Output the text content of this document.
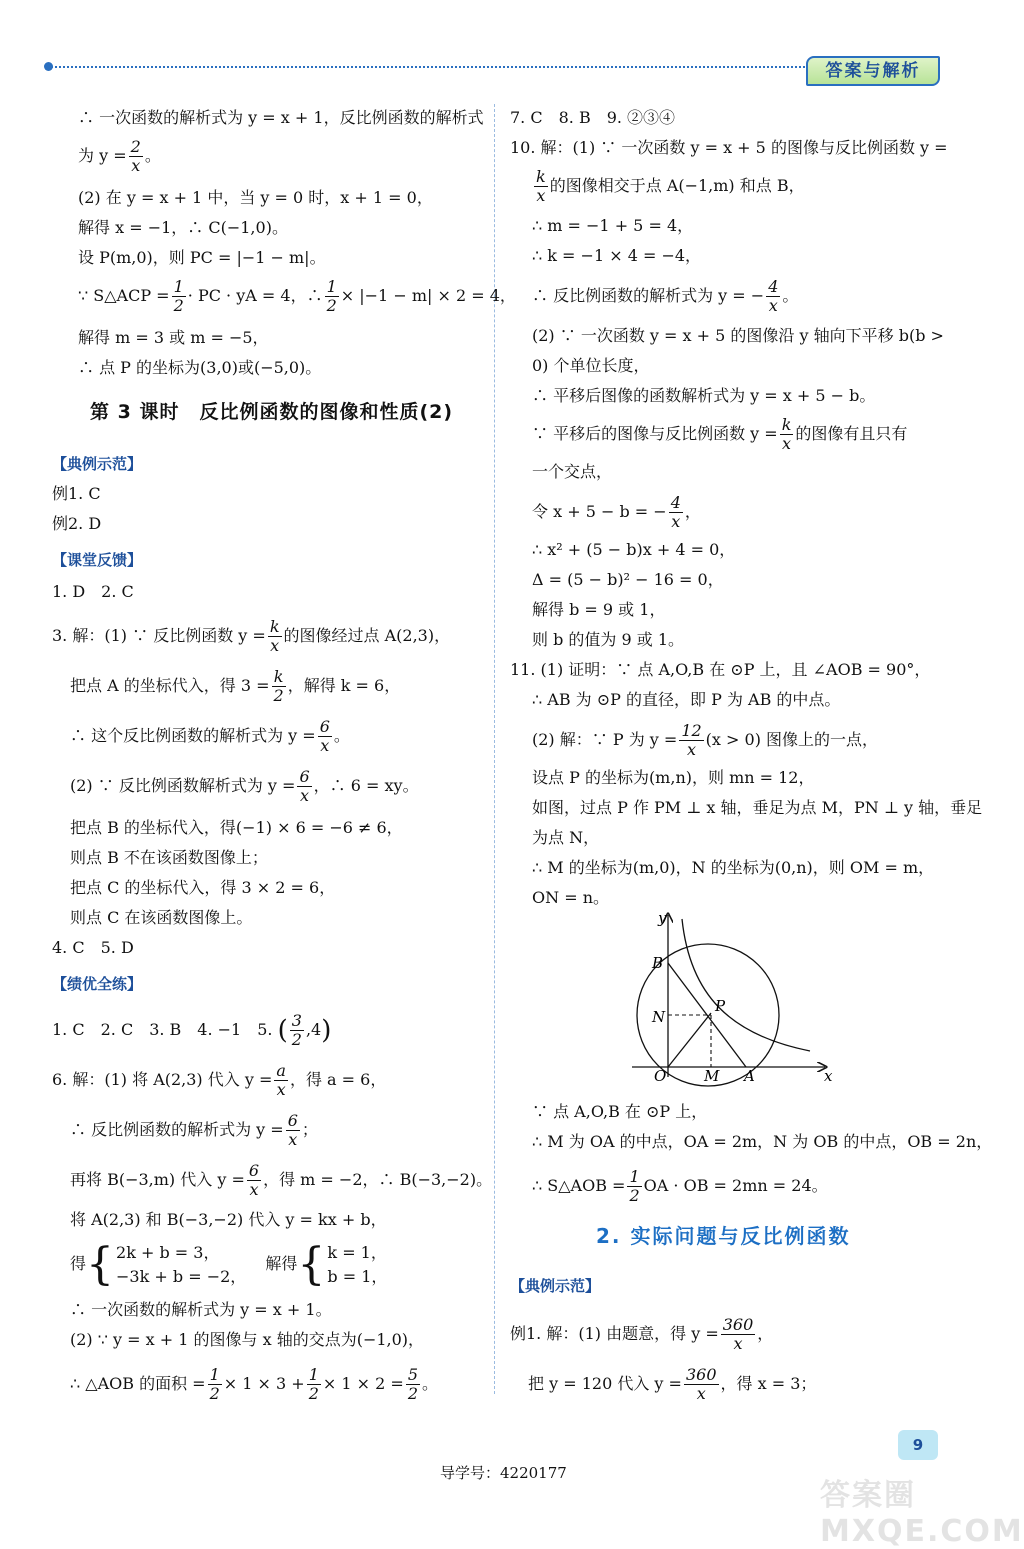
答案与解析
∴ 一次函数的解析式为 y = x + 1，反比例函数的解析式
为 $y = \frac{2}{x}$ 。
(2) 在 y = x + 1 中，当 y = 0 时，x + 1 = 0，
解得 x = −1，∴ C(−1,0)。
设 P(m,0)，则 PC = |−1 − m|。
∵ S△ACP = $\frac{1}{2}$ · PC · yA = 4，∴ $\frac{1}{2} \times |-1 - m| \times 2 = 4$，
解得 m = 3 或 m = −5，
∴ 点 P 的坐标为(3,0)或(−5,0)。
第 3 课时　反比例函数的图像和性质(2)
【典例示范】
例1. C
例2. D
【课堂反馈】
1. D　2. C
3. 解：(1) ∵ 反比例函数 $y = \frac{k}{x}$ 的图像经过点 A(2,3)，
把点 A 的坐标代入，得 $3 = \frac{k}{2}$ ，解得 k = 6，
∴ 这个反比例函数的解析式为 $y = \frac{6}{x}$ 。
(2) ∵ 反比例函数解析式为 $y = \frac{6}{x}$ ，∴ 6 = xy。
把点 B 的坐标代入，得(−1) × 6 = −6 ≠ 6，
则点 B 不在该函数图像上；
把点 C 的坐标代入，得 3 × 2 = 6，
则点 C 在该函数图像上。
4. C　5. D
【绩优全练】
1. C　2. C　3. B　4. −1　5. ( $\frac{3}{2} ,4$)
6. 解：(1) 将 A(2,3) 代入 $y = \frac{a}{x}$ ，得 a = 6，
∴ 反比例函数的解析式为 $y = \frac{6}{x}$ ；
再将 B(−3,m) 代入 $y = \frac{6}{x}$ ，得 m = −2，∴ B(−3,−2)。
将 A(2,3) 和 B(−3,−2) 代入 y = kx + b，
得{ 2k + b = 3，
−3k + b = −2，
解得{ k = 1，
b = 1，
∴ 一次函数的解析式为 y = x + 1。
(2) ∵ y = x + 1 的图像与 x 轴的交点为(−1,0)，
∴ △AOB 的面积 = $\frac{1}{2} \times 1 \times 3 + \frac{1}{2} \times 1 \times 2 = \frac{5}{2}$ 。
7. C　8. B　9. ②③④
10. 解：(1) ∵ 一次函数 y = x + 5 的图像与反比例函数 y =
$\frac{k}{x}$ 的图像相交于点 A(−1,m) 和点 B，
∴ m = −1 + 5 = 4，
∴ k = −1 × 4 = −4，
∴ 反比例函数的解析式为 y = − $\frac{4}{x}$ 。
(2) ∵ 一次函数 y = x + 5 的图像沿 y 轴向下平移 b(b >
0) 个单位长度，
∴ 平移后图像的函数解析式为 y = x + 5 − b。
∵ 平移后的图像与反比例函数 $y = \frac{k}{x}$ 的图像有且只有
一个交点，
令 x + 5 − b = − $\frac{4}{x}$ ，
∴ x² + (5 − b)x + 4 = 0，
Δ = (5 − b)² − 16 = 0，
解得 b = 9 或 1，
则 b 的值为 9 或 1。
11. (1) 证明：∵ 点 A,O,B 在 ⊙P 上，且 ∠AOB = 90°，
∴ AB 为 ⊙P 的直径，即 P 为 AB 的中点。
(2) 解：∵ P 为 $y = \frac{12}{x} (x > 0)$ 图像上的一点，
设点 P 的坐标为(m,n)，则 mn = 12，
如图，过点 P 作 PM ⊥ x 轴，垂足为点 M，PN ⊥ y 轴，垂足
为点 N，
∴ M 的坐标为(m,0)，N 的坐标为(0,n)，则 OM = m，
ON = n。
y
B
N
P
O	M A	x
∵ 点 A,O,B 在 ⊙P 上，
∴ M 为 OA 的中点，OA = 2m，N 为 OB 的中点，OB = 2n，
∴ S△AOB = $\frac{1}{2}$ OA · OB = 2mn = 24。
2. 实际问题与反比例函数
【典例示范】
例1. 解：(1) 由题意，得 $y = \frac{360}{x}$ ，
把 y = 120 代入 $y = \frac{360}{x}$ ，得 x = 3；
9
导学号：4220177
答案圈 MXQE.COM
